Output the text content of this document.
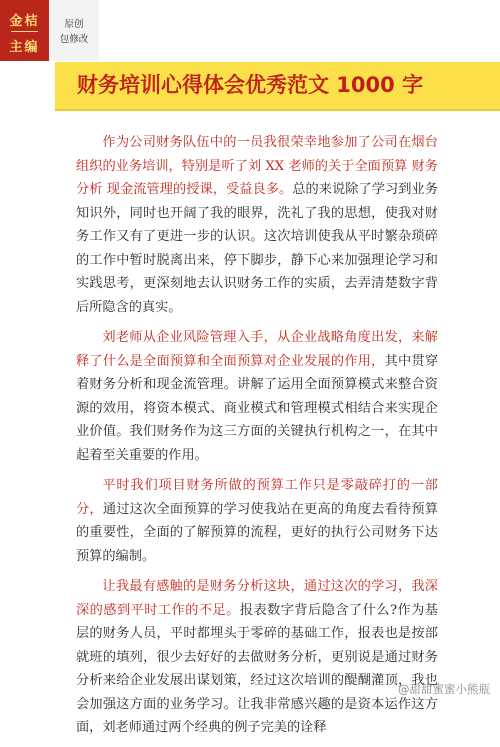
金桔
主编
原创
包修改
财务培训心得体会优秀范文 1000 字

作为公司财务队伍中的一员我很荣幸地参加了公司在烟台组织的业务培训，特别是听了刘 XX 老师的关于全面预算 财务分析 现金流管理的授课，受益良多。总的来说除了学习到业务知识外，同时也开阔了我的眼界，洗礼了我的思想，使我对财务工作又有了更进一步的认识。这次培训使我从平时繁杂琐碎的工作中暂时脱离出来，停下脚步，静下心来加强理论学习和实践思考，更深刻地去认识财务工作的实质，去弄清楚数字背后所隐含的真实。

刘老师从企业风险管理入手，从企业战略角度出发，来解释了什么是全面预算和全面预算对企业发展的作用，其中贯穿着财务分析和现金流管理。讲解了运用全面预算模式来整合资源的效用，将资本模式、商业模式和管理模式相结合来实现企业价值。我们财务作为这三方面的关键执行机构之一，在其中起着至关重要的作用。

平时我们项目财务所做的预算工作只是零敲碎打的一部分，通过这次全面预算的学习使我站在更高的角度去看待预算的重要性，全面的了解预算的流程，更好的执行公司财务下达预算的编制。

让我最有感触的是财务分析这块，通过这次的学习，我深深的感到平时工作的不足。报表数字背后隐含了什么?作为基层的财务人员，平时都埋头于零碎的基础工作，报表也是按部就班的填列，很少去好好的去做财务分析，更别说是通过财务分析来给企业发展出谋划策，经过这次培训的醍醐灌顶，我也会加强这方面的业务学习。让我非常感兴趣的是资本运作这方面，刘老师通过两个经典的例子完美的诠释

@甜甜蜜蜜小熊瓶
